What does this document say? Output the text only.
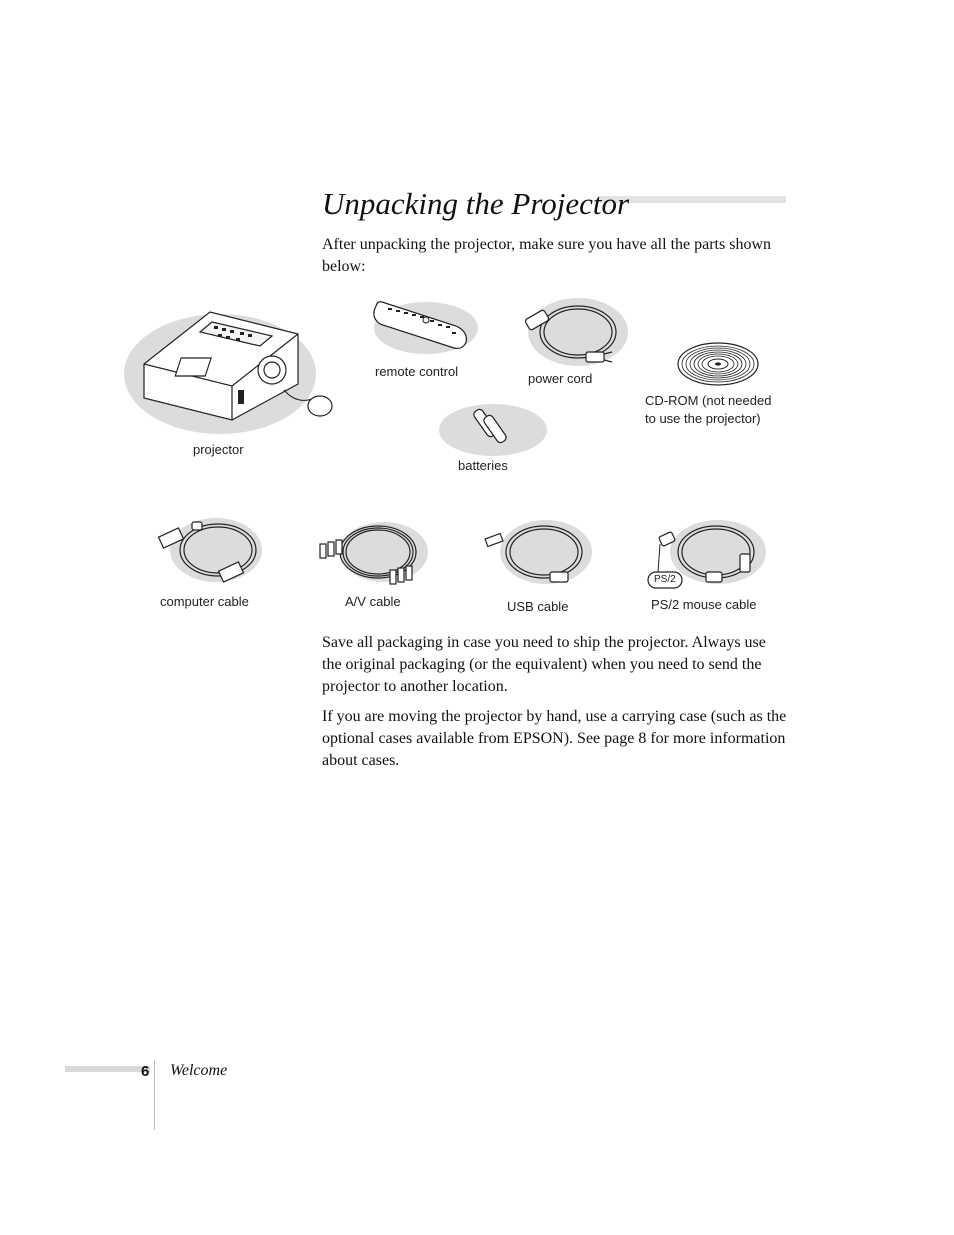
Unpacking the Projector

After unpacking the projector, make sure you have all the parts shown below:

projector
remote control	power cord
CD-ROM (not needed
to use the projector)
batteries
computer cable	A/V cable	USB cable
PS/2
PS/2 mouse cable

Save all packaging in case you need to ship the projector. Always use the original packaging (or the equivalent) when you need to send the projector to another location.

If you are moving the projector by hand, use a carrying case (such as the optional cases available from EPSON). See page 8 for more information about cases.

6 Welcome
